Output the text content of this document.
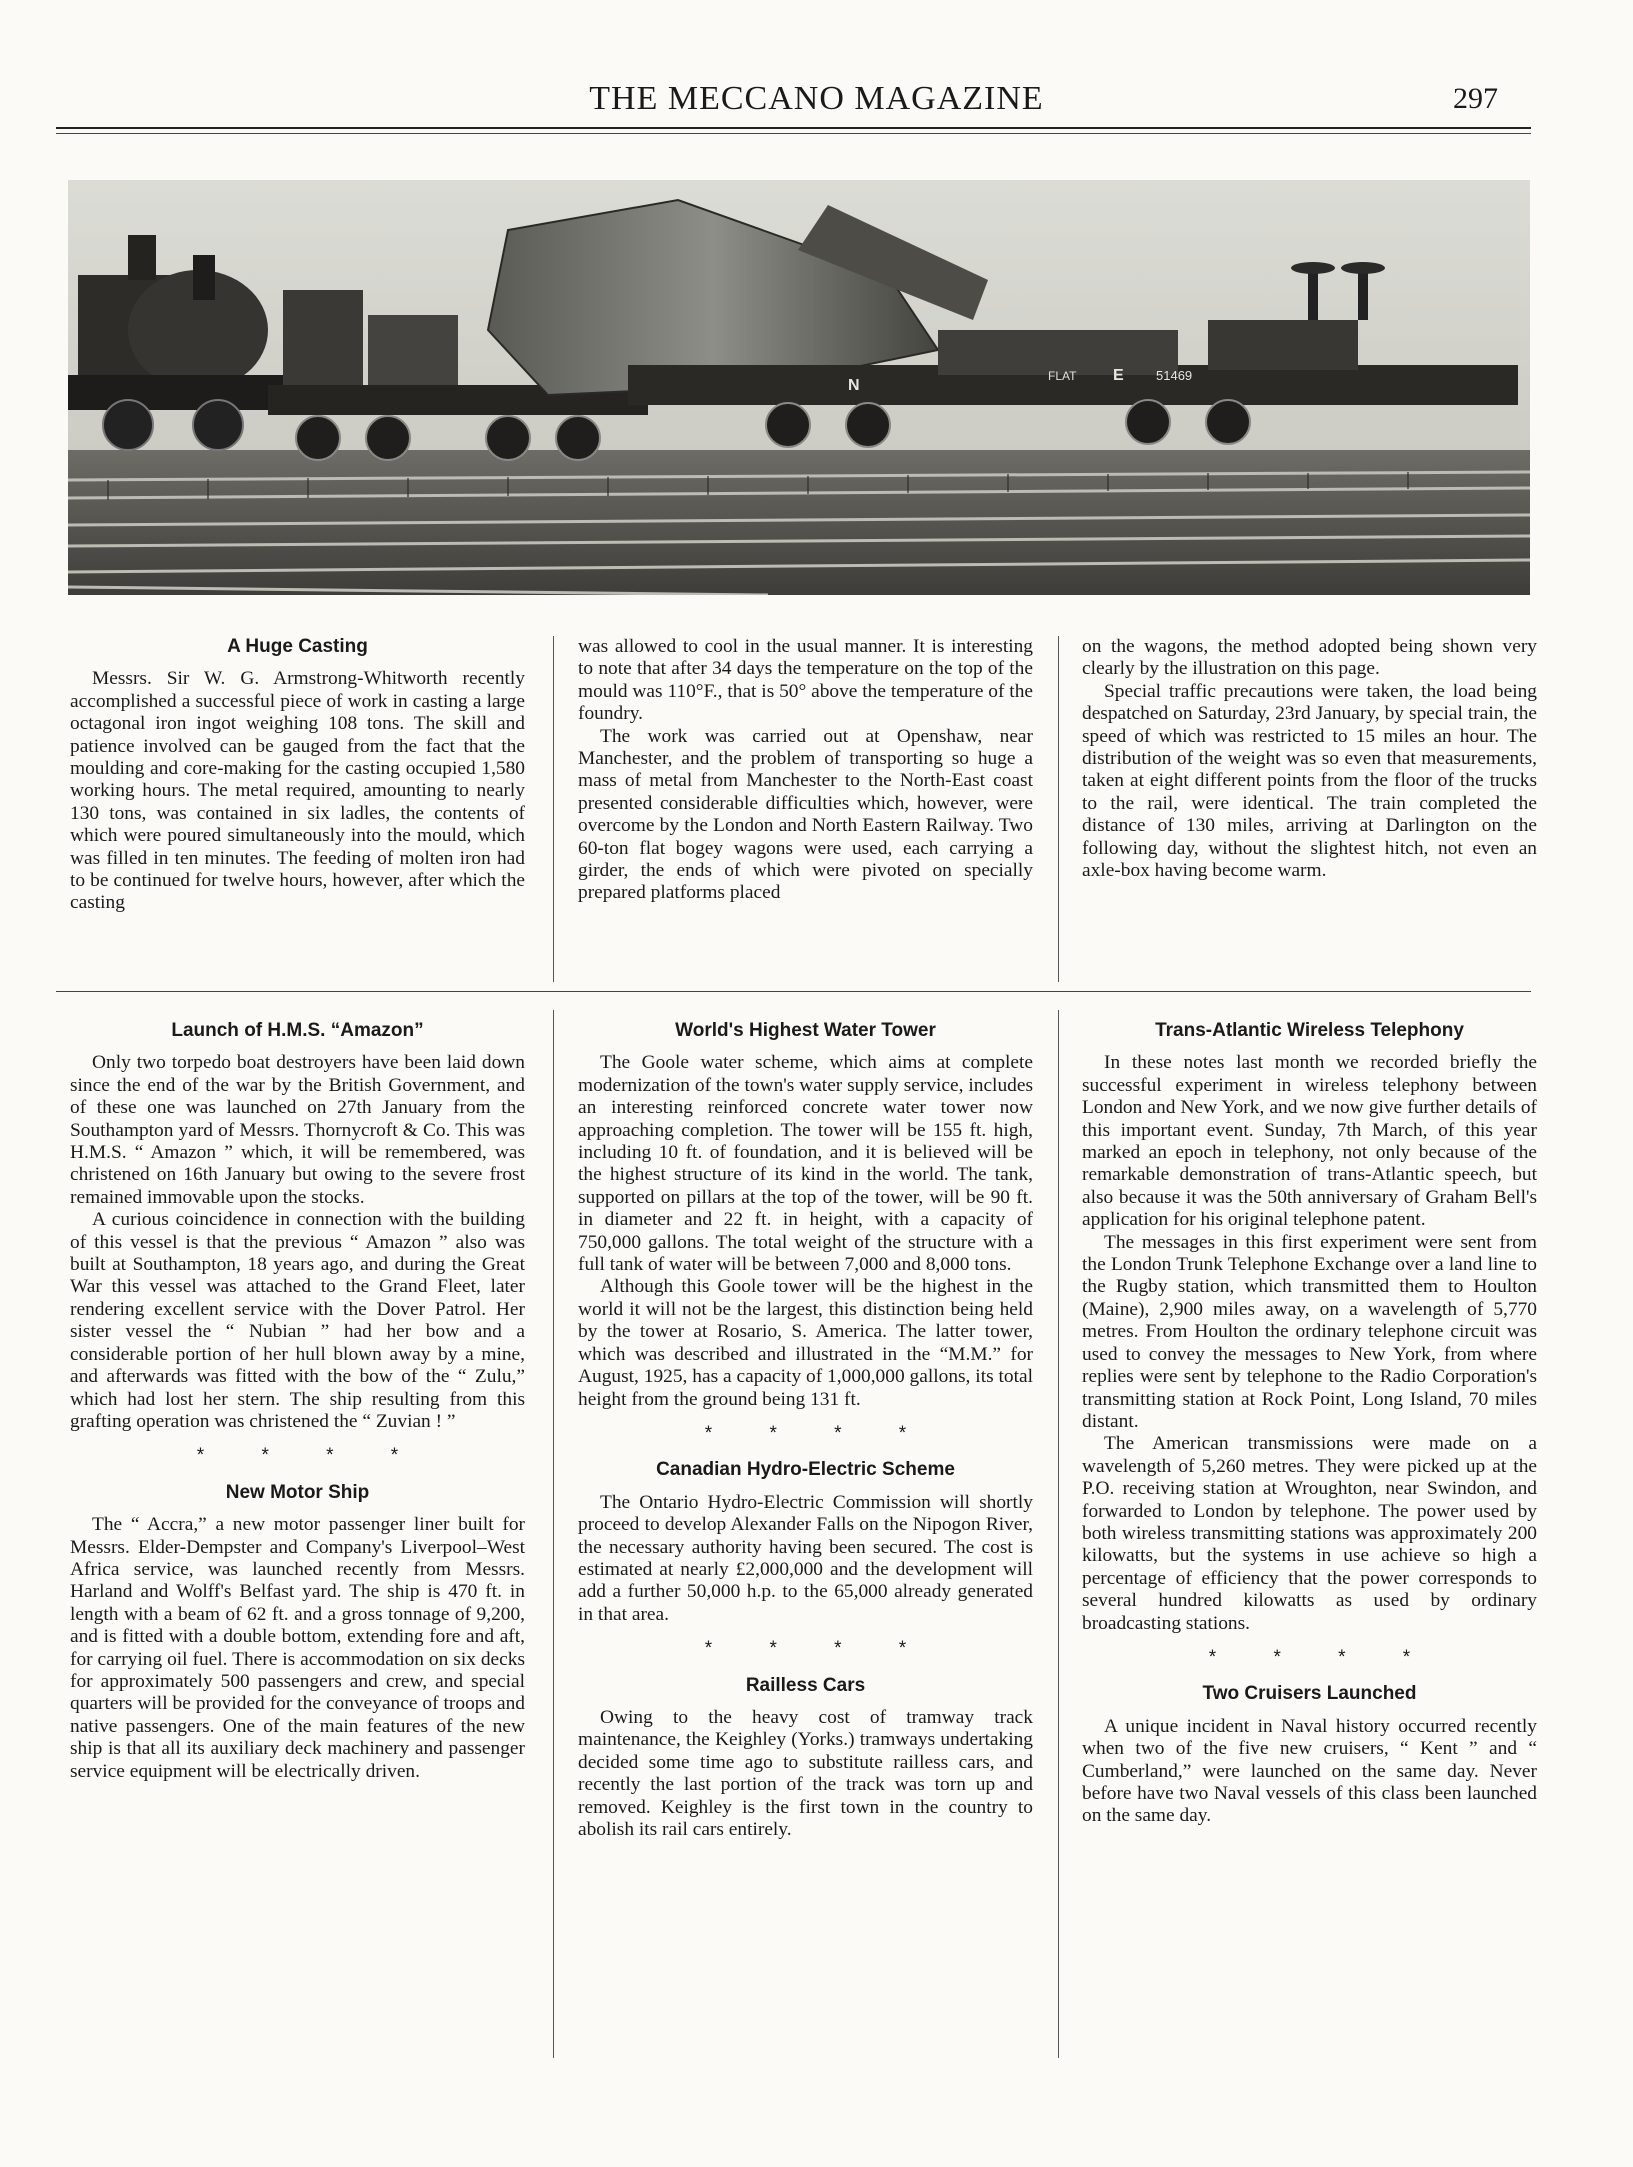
THE MECCANO MAGAZINE	297
N
FLAT E 51469
A Huge Casting

Messrs. Sir W. G. Armstrong-Whitworth recently accomplished a successful piece of work in casting a large octagonal iron ingot weighing 108 tons. The skill and patience involved can be gauged from the fact that the moulding and core-making for the casting occupied 1,580 working hours. The metal required, amounting to nearly 130 tons, was contained in six ladles, the contents of which were poured simultaneously into the mould, which was filled in ten minutes. The feeding of molten iron had to be continued for twelve hours, however, after which the casting

was allowed to cool in the usual manner. It is interesting to note that after 34 days the temperature on the top of the mould was 110°F., that is 50° above the temperature of the foundry.

The work was carried out at Openshaw, near Manchester, and the problem of transporting so huge a mass of metal from Manchester to the North-East coast presented considerable difficulties which, however, were overcome by the London and North Eastern Railway. Two 60-ton flat bogey wagons were used, each carrying a girder, the ends of which were pivoted on specially prepared platforms placed

on the wagons, the method adopted being shown very clearly by the illustration on this page.

Special traffic precautions were taken, the load being despatched on Saturday, 23rd January, by special train, the speed of which was restricted to 15 miles an hour. The distribution of the weight was so even that measurements, taken at eight different points from the floor of the trucks to the rail, were identical. The train completed the distance of 130 miles, arriving at Darlington on the following day, without the slightest hitch, not even an axle-box having become warm.

Launch of H.M.S. “Amazon”

Only two torpedo boat destroyers have been laid down since the end of the war by the British Government, and of these one was launched on 27th January from the Southampton yard of Messrs. Thornycroft & Co. This was H.M.S. “ Amazon ” which, it will be remembered, was christened on 16th January but owing to the severe frost remained immovable upon the stocks.

A curious coincidence in connection with the building of this vessel is that the previous “ Amazon ” also was built at Southampton, 18 years ago, and during the Great War this vessel was attached to the Grand Fleet, later rendering excellent service with the Dover Patrol. Her sister vessel the “ Nubian ” had her bow and a considerable portion of her hull blown away by a mine, and afterwards was fitted with the bow of the “ Zulu,” which had lost her stern. The ship resulting from this grafting operation was christened the “ Zuvian ! ”

* * * *
New Motor Ship

The “ Accra,” a new motor passenger liner built for Messrs. Elder-Dempster and Company's Liverpool–West Africa service, was launched recently from Messrs. Harland and Wolff's Belfast yard. The ship is 470 ft. in length with a beam of 62 ft. and a gross tonnage of 9,200, and is fitted with a double bottom, extending fore and aft, for carrying oil fuel. There is accommodation on six decks for approximately 500 passengers and crew, and special quarters will be provided for the conveyance of troops and native passengers. One of the main features of the new ship is that all its auxiliary deck machinery and passenger service equipment will be electrically driven.

World's Highest Water Tower

The Goole water scheme, which aims at complete modernization of the town's water supply service, includes an interesting reinforced concrete water tower now approaching completion. The tower will be 155 ft. high, including 10 ft. of foundation, and it is believed will be the highest structure of its kind in the world. The tank, supported on pillars at the top of the tower, will be 90 ft. in diameter and 22 ft. in height, with a capacity of 750,000 gallons. The total weight of the structure with a full tank of water will be between 7,000 and 8,000 tons.

Although this Goole tower will be the highest in the world it will not be the largest, this distinction being held by the tower at Rosario, S. America. The latter tower, which was described and illustrated in the “M.M.” for August, 1925, has a capacity of 1,000,000 gallons, its total height from the ground being 131 ft.

* * * *
Canadian Hydro-Electric Scheme

The Ontario Hydro-Electric Commission will shortly proceed to develop Alexander Falls on the Nipogon River, the necessary authority having been secured. The cost is estimated at nearly £2,000,000 and the development will add a further 50,000 h.p. to the 65,000 already generated in that area.

* * * *
Railless Cars

Owing to the heavy cost of tramway track maintenance, the Keighley (Yorks.) tramways undertaking decided some time ago to substitute railless cars, and recently the last portion of the track was torn up and removed. Keighley is the first town in the country to abolish its rail cars entirely.

Trans-Atlantic Wireless Telephony

In these notes last month we recorded briefly the successful experiment in wireless telephony between London and New York, and we now give further details of this important event. Sunday, 7th March, of this year marked an epoch in telephony, not only because of the remarkable demonstration of trans-Atlantic speech, but also because it was the 50th anniversary of Graham Bell's application for his original telephone patent.

The messages in this first experiment were sent from the London Trunk Telephone Exchange over a land line to the Rugby station, which transmitted them to Houlton (Maine), 2,900 miles away, on a wavelength of 5,770 metres. From Houlton the ordinary telephone circuit was used to convey the messages to New York, from where replies were sent by telephone to the Radio Corporation's transmitting station at Rock Point, Long Island, 70 miles distant.

The American transmissions were made on a wavelength of 5,260 metres. They were picked up at the P.O. receiving station at Wroughton, near Swindon, and forwarded to London by telephone. The power used by both wireless transmitting stations was approximately 200 kilowatts, but the systems in use achieve so high a percentage of efficiency that the power corresponds to several hundred kilowatts as used by ordinary broadcasting stations.

* * * *
Two Cruisers Launched

A unique incident in Naval history occurred recently when two of the five new cruisers, “ Kent ” and “ Cumberland,” were launched on the same day. Never before have two Naval vessels of this class been launched on the same day.
